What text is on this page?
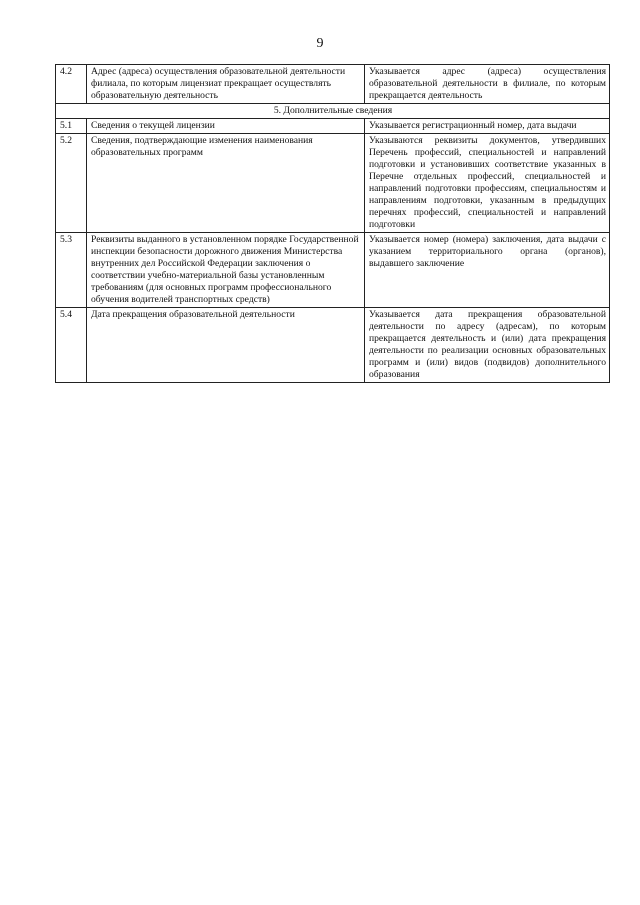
9
4.2	Адрес (адреса) осуществления образовательной деятельности филиала, по которым лицензиат прекращает осуществлять образовательную деятельность	Указывается адрес (адреса) осуществления образовательной деятельности в филиале, по которым прекращается деятельность
5. Дополнительные сведения		
5.1	Сведения о текущей лицензии	Указывается регистрационный номер, дата выдачи
5.2	Сведения, подтверждающие изменения наименования образовательных программ	Указываются реквизиты документов, утвердивших Перечень профессий, специальностей и направлений подготовки и установивших соответствие указанных в Перечне отдельных профессий, специальностей и направлений подготовки профессиям, специальностям и направлениям подготовки, указанным в предыдущих перечнях профессий, специальностей и направлений подготовки
5.3	Реквизиты выданного в установленном порядке Государственной инспекции безопасности дорожного движения Министерства внутренних дел Российской Федерации заключения о соответствии учебно-материальной базы установленным требованиям (для основных программ профессионального обучения водителей транспортных средств)	Указывается номер (номера) заключения, дата выдачи с указанием территориального органа (органов), выдавшего заключение
5.4	Дата прекращения образовательной деятельности	Указывается дата прекращения образовательной деятельности по адресу (адресам), по которым прекращается деятельность и (или) дата прекращения деятельности по реализации основных образовательных программ и (или) видов (подвидов) дополнительного образования
